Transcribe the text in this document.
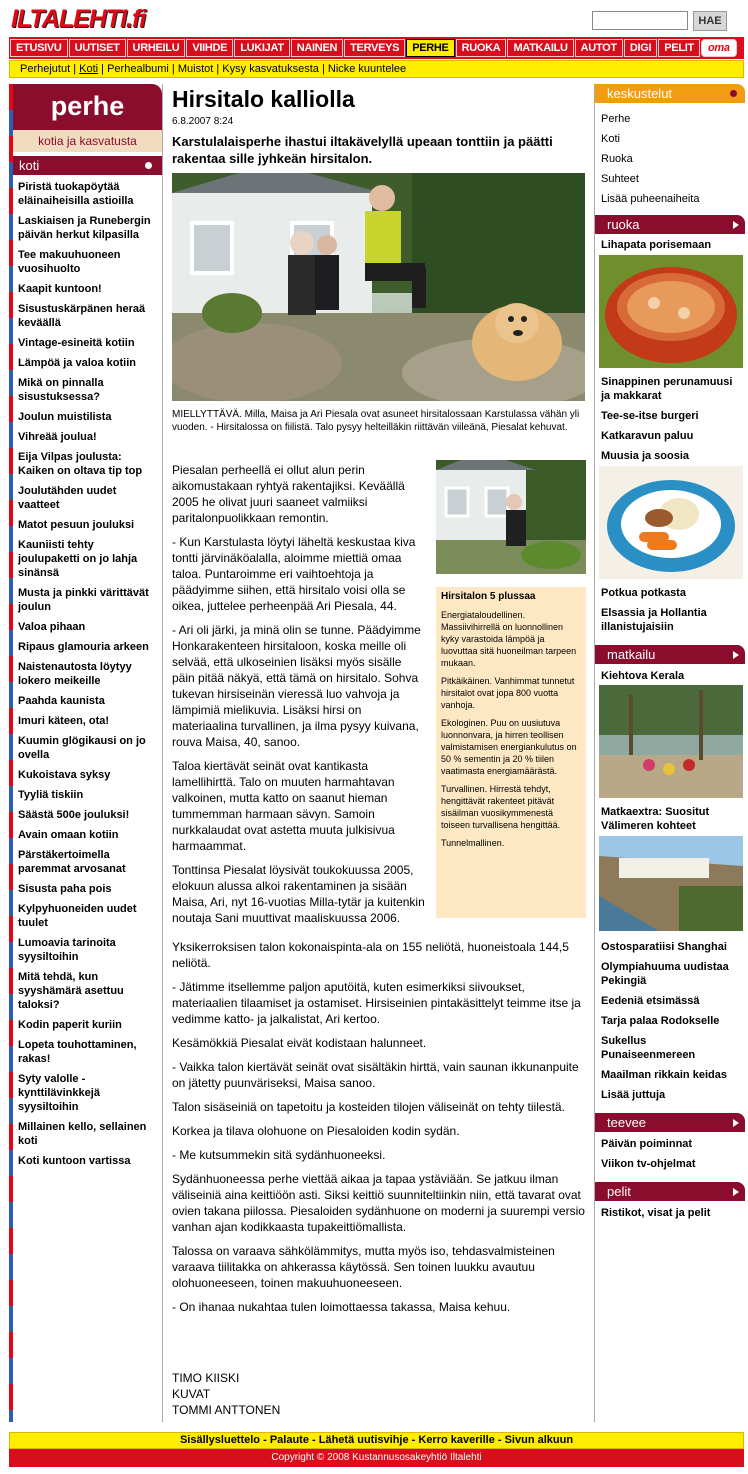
ILTALEHTI.fi	HAE
ETUSIVU	UUTISET	URHEILU	VIIHDE	LUKIJAT	NAINEN	TERVEYS	PERHE	RUOKA	MATKAILU	AUTOT	DIGI	PELIT	oma
Perhejutut | Koti | Perhealbumi | Muistot | Kysy kasvatuksesta | Nicke kuuntelee
perhe
kotia ja kasvatusta
koti
Piristä tuokapöytää eläinaiheisilla astioilla
Laskiaisen ja Runebergin päivän herkut kilpasilla
Tee makuuhuoneen vuosihuolto
Kaapit kuntoon!
Sisustuskärpänen heraä keväällä
Vintage-esineitä kotiin
Lämpöä ja valoa kotiin
Mikä on pinnalla sisustuksessa?
Joulun muistilista
Vihreää joulua!
Eija Vilpas joulusta: Kaiken on oltava tip top
Joulutähden uudet vaatteet
Matot pesuun jouluksi
Kauniisti tehty joulupaketti on jo lahja sinänsä
Musta ja pinkki värittävät joulun
Valoa pihaan
Ripaus glamouria arkeen
Naistenautosta löytyy lokero meikeille
Paahda kaunista
Imuri käteen, ota!
Kuumin glögikausi on jo ovella
Kukoistava syksy
Tyyliä tiskiin
Säästä 500e jouluksi!
Avain omaan kotiin
Pärstäkertoimella paremmat arvosanat
Sisusta paha pois
Kylpyhuoneiden uudet tuulet
Lumoavia tarinoita syysiltoihin
Mitä tehdä, kun syyshämärä asettuu taloksi?
Kodin paperit kuriin
Lopeta touhottaminen, rakas!
Syty valolle - kynttilävinkkejä syysiltoihin
Millainen kello, sellainen koti
Koti kuntoon vartissa
Hirsitalo kalliolla
6.8.2007 8:24
Karstulalaisperhe ihastui iltakävelyllä upeaan tonttiin ja päätti rakentaa sille jyhkeän hirsitalon.
MIELLYTTÄVÄ. Milla, Maisa ja Ari Piesala ovat asuneet hirsitalossaan Karstulassa vähän yli vuoden. - Hirsitalossa on fiilistä. Talo pysyy helteilläkin riittävän viileänä, Piesalat kehuvat.
Piesalan perheellä ei ollut alun perin aikomustakaan ryhtyä rakentajiksi. Keväällä 2005 he olivat juuri saaneet valmiiksi paritalonpuolikkaan remontin.
- Kun Karstulasta löytyi läheltä keskustaa kiva tontti järvinäköalalla, aloimme miettiä omaa taloa. Puntaroimme eri vaihtoehtoja ja päädyimme siihen, että hirsitalo voisi olla se oikea, juttelee perheenpää Ari Piesala, 44.
- Ari oli järki, ja minä olin se tunne. Päädyimme Honkarakenteen hirsitaloon, koska meille oli selvää, että ulkoseinien lisäksi myös sisälle päin pitää näkyä, että tämä on hirsitalo. Sohva tukevan hirsiseinän vieressä luo vahvoja ja lämpimiä mielikuvia. Lisäksi hirsi on materiaalina turvallinen, ja ilma pysyy kuivana, rouva Maisa, 40, sanoo.
Taloa kiertävät seinät ovat kantikasta lamellihirttä. Talo on muuten harmahtavan valkoinen, mutta katto on saanut hieman tummemman harmaan sävyn. Samoin nurkkalaudat ovat astetta muuta julkisivua harmaammat.
Tonttinsa Piesalat löysivät toukokuussa 2005, elokuun alussa alkoi rakentaminen ja sisään Maisa, Ari, nyt 16-vuotias Milla-tytär ja kuitenkin noutaja Sani muuttivat maaliskuussa 2006.
Hirsitalon 5 plussaa
Energiataloudellinen. Massiivihirrellä on luonnollinen kyky varastoida lämpöä ja luovuttaa sitä huoneilman tarpeen mukaan.
Pitkäikäinen. Vanhimmat tunnetut hirsitalot ovat jopa 800 vuotta vanhoja.
Ekologinen. Puu on uusiutuva luonnonvara, ja hirren teollisen valmistamisen energiankulutus on 50 % sementin ja 20 % tiilen vaatimasta energiamäärästä.
Turvallinen. Hirrestä tehdyt, hengittävät rakenteet pitävät sisäilman vuosikymmenestä toiseen turvallisena hengittää.
Tunnelmallinen.
Yksikerroksisen talon kokonaispinta-ala on 155 neliötä, huoneistoala 144,5 neliötä.
- Jätimme itsellemme paljon aputöitä, kuten esimerkiksi siivoukset, materiaalien tilaamiset ja ostamiset. Hirsiseinien pintakäsittelyt teimme itse ja vedimme katto- ja jalkalistat, Ari kertoo.
Kesämökkiä Piesalat eivät kodistaan halunneet.
- Vaikka talon kiertävät seinät ovat sisältäkin hirttä, vain saunan ikkunanpuite on jätetty puunväriseksi, Maisa sanoo.
Talon sisäseiniä on tapetoitu ja kosteiden tilojen väliseinät on tehty tiilestä.
Korkea ja tilava olohuone on Piesaloiden kodin sydän.
- Me kutsummekin sitä sydänhuoneeksi.
Sydänhuoneessa perhe viettää aikaa ja tapaa ystäviään. Se jatkuu ilman väliseiniä aina keittiöön asti. Siksi keittiö suunniteltiinkin niin, että tavarat ovat ovien takana piilossa. Piesaloiden sydänhuone on moderni ja suurempi versio vanhan ajan kodikkaasta tupakeittiömallista.
Talossa on varaava sähkölämmitys, mutta myös iso, tehdasvalmisteinen varaava tiilitakka on ahkerassa käytössä. Sen toinen luukku avautuu olohuoneeseen, toinen makuuhuoneeseen.
- On ihanaa nukahtaa tulen loimottaessa takassa, Maisa kehuu.
TIMO KIISKI
KUVAT
TOMMI ANTTONEN
keskustelut
Perhe
Koti
Ruoka
Suhteet
Lisää puheenaiheita
ruoka
Lihapata porisemaan
Sinappinen perunamuusi ja makkarat
Tee-se-itse burgeri
Katkaravun paluu
Muusia ja soosia
Potkua potkasta
Elsassia ja Hollantia illanistujaisiin
matkailu
Kiehtova Kerala
Matkaextra: Suositut Välimeren kohteet
Ostosparatiisi Shanghai
Olympiahuuma uudistaa Pekingiä
Eedeniä etsimässä
Tarja palaa Rodokselle
Sukellus Punaiseenmereen
Maailman rikkain keidas
Lisää juttuja
teevee
Päivän poiminnat
Viikon tv-ohjelmat
pelit
Ristikot, visat ja pelit
Sisällysluettelo - Palaute - Lähetä uutisvihje - Kerro kaverille - Sivun alkuun
Copyright © 2008 Kustannusosakeyhtiö Iltalehti
